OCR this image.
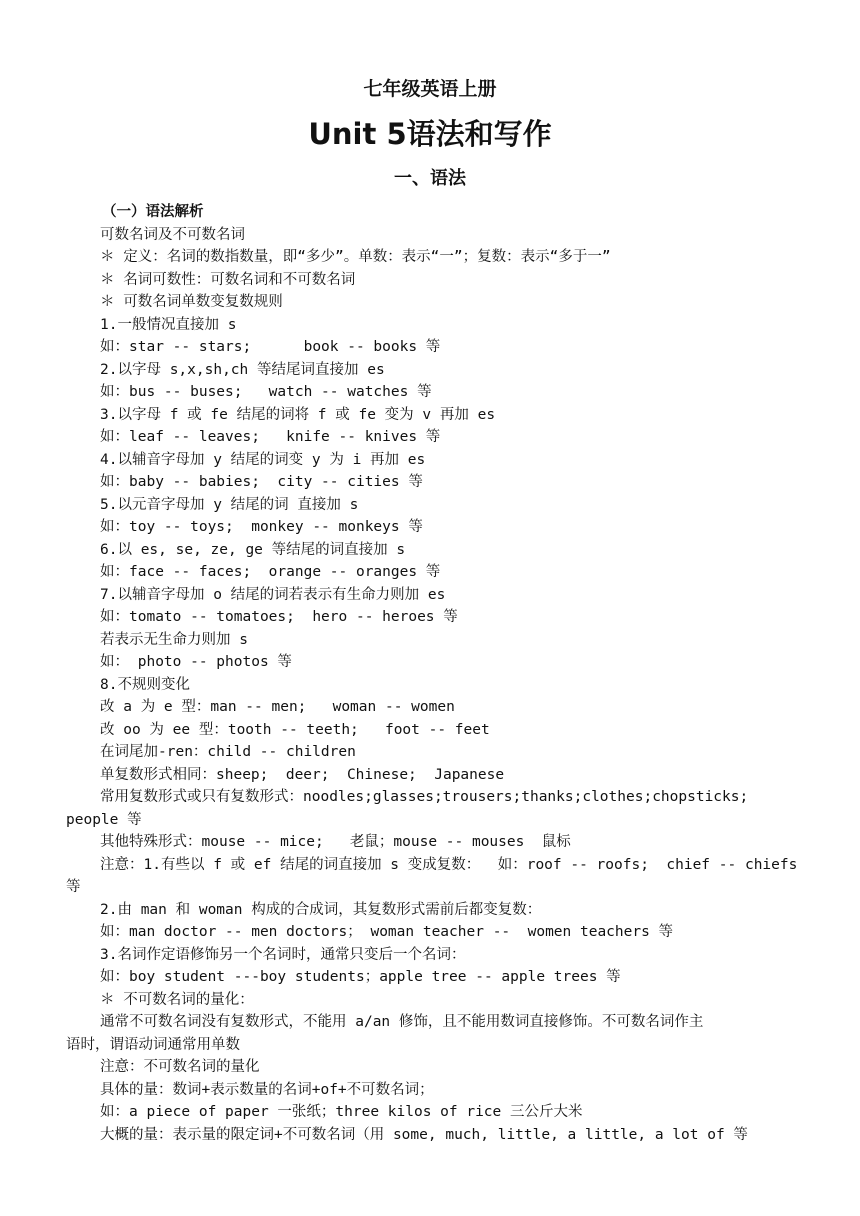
七年级英语上册
Unit 5语法和写作
一、语法
（一）语法解析
可数名词及不可数名词
＊ 定义：名词的数指数量，即“多少”。单数：表示“一”；复数：表示“多于一”
＊ 名词可数性：可数名词和不可数名词
＊ 可数名词单数变复数规则
1.一般情况直接加 s
如：star -- stars;      book -- books 等
2.以字母 s,x,sh,ch 等结尾词直接加 es
如：bus -- buses;   watch -- watches 等
3.以字母 f 或 fe 结尾的词将 f 或 fe 变为 v 再加 es
如：leaf -- leaves;   knife -- knives 等
4.以辅音字母加 y 结尾的词变 y 为 i 再加 es
如：baby -- babies;  city -- cities 等
5.以元音字母加 y 结尾的词 直接加 s
如：toy -- toys;  monkey -- monkeys 等
6.以 es, se, ze, ge 等结尾的词直接加 s
如：face -- faces;  orange -- oranges 等
7.以辅音字母加 o 结尾的词若表示有生命力则加 es
如：tomato -- tomatoes;  hero -- heroes 等
若表示无生命力则加 s
如： photo -- photos 等
8.不规则变化
改 a 为 e 型：man -- men;   woman -- women
改 oo 为 ee 型：tooth -- teeth;   foot -- feet
在词尾加-ren：child -- children
单复数形式相同：sheep;  deer;  Chinese;  Japanese
常用复数形式或只有复数形式：noodles;glasses;trousers;thanks;clothes;chopsticks;
people 等
其他特殊形式：mouse -- mice;   老鼠；mouse -- mouses  鼠标
注意：1.有些以 f 或 ef 结尾的词直接加 s 变成复数：  如：roof -- roofs;  chief -- chiefs
等
2.由 man 和 woman 构成的合成词，其复数形式需前后都变复数：
如：man doctor -- men doctors； woman teacher --  women teachers 等
3.名词作定语修饰另一个名词时，通常只变后一个名词：
如：boy student ---boy students；apple tree -- apple trees 等
＊ 不可数名词的量化：
通常不可数名词没有复数形式，不能用 a/an 修饰，且不能用数词直接修饰。不可数名词作主
语时，谓语动词通常用单数
注意：不可数名词的量化
具体的量：数词+表示数量的名词+of+不可数名词；
如：a piece of paper 一张纸；three kilos of rice 三公斤大米
大概的量：表示量的限定词+不可数名词（用 some, much, little, a little, a lot of 等
